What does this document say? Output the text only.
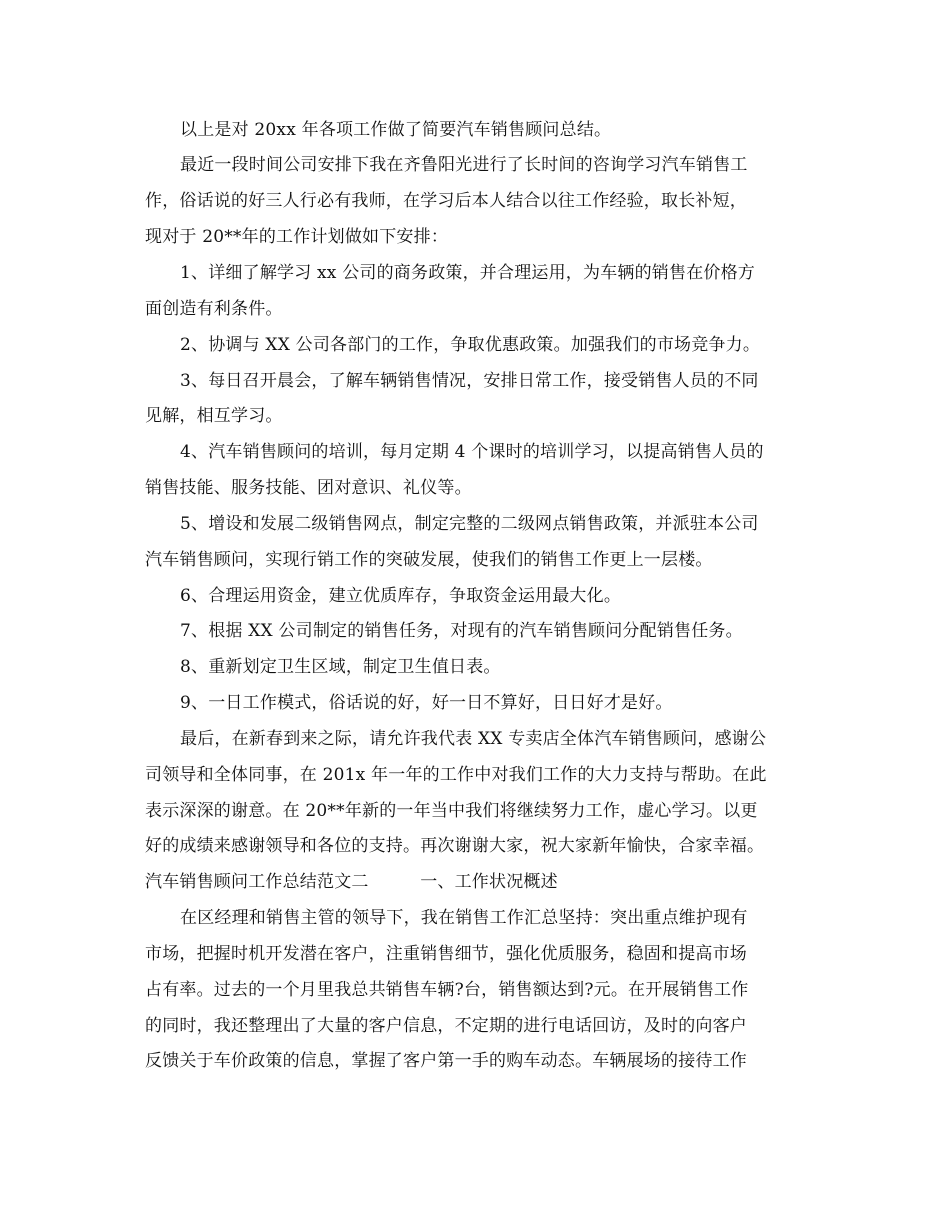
以上是对 20xx 年各项工作做了简要汽车销售顾问总结。
最近一段时间公司安排下我在齐鲁阳光进行了长时间的咨询学习汽车销售工
作，俗话说的好三人行必有我师，在学习后本人结合以往工作经验，取长补短，
现对于 20**年的工作计划做如下安排：
1、详细了解学习 xx 公司的商务政策，并合理运用，为车辆的销售在价格方
面创造有利条件。
2、协调与 XX 公司各部门的工作，争取优惠政策。加强我们的市场竞争力。
3、每日召开晨会，了解车辆销售情况，安排日常工作，接受销售人员的不同
见解，相互学习。
4、汽车销售顾问的培训，每月定期 4 个课时的培训学习，以提高销售人员的
销售技能、服务技能、团对意识、礼仪等。
5、增设和发展二级销售网点，制定完整的二级网点销售政策，并派驻本公司
汽车销售顾问，实现行销工作的突破发展，使我们的销售工作更上一层楼。
6、合理运用资金，建立优质库存，争取资金运用最大化。
7、根据 XX 公司制定的销售任务，对现有的汽车销售顾问分配销售任务。
8、重新划定卫生区域，制定卫生值日表。
9、一日工作模式，俗话说的好，好一日不算好，日日好才是好。
最后，在新春到来之际，请允许我代表 XX 专卖店全体汽车销售顾问，感谢公
司领导和全体同事，在 201x 年一年的工作中对我们工作的大力支持与帮助。在此
表示深深的谢意。在 20**年新的一年当中我们将继续努力工作，虚心学习。以更
好的成绩来感谢领导和各位的支持。再次谢谢大家，祝大家新年愉快，合家幸福。
汽车销售顾问工作总结范文二　　　一、工作状况概述
在区经理和销售主管的领导下，我在销售工作汇总坚持：突出重点维护现有
市场，把握时机开发潜在客户，注重销售细节，强化优质服务，稳固和提高市场
占有率。过去的一个月里我总共销售车辆?台，销售额达到?元。在开展销售工作
的同时，我还整理出了大量的客户信息，不定期的进行电话回访，及时的向客户
反馈关于车价政策的信息，掌握了客户第一手的购车动态。车辆展场的接待工作
